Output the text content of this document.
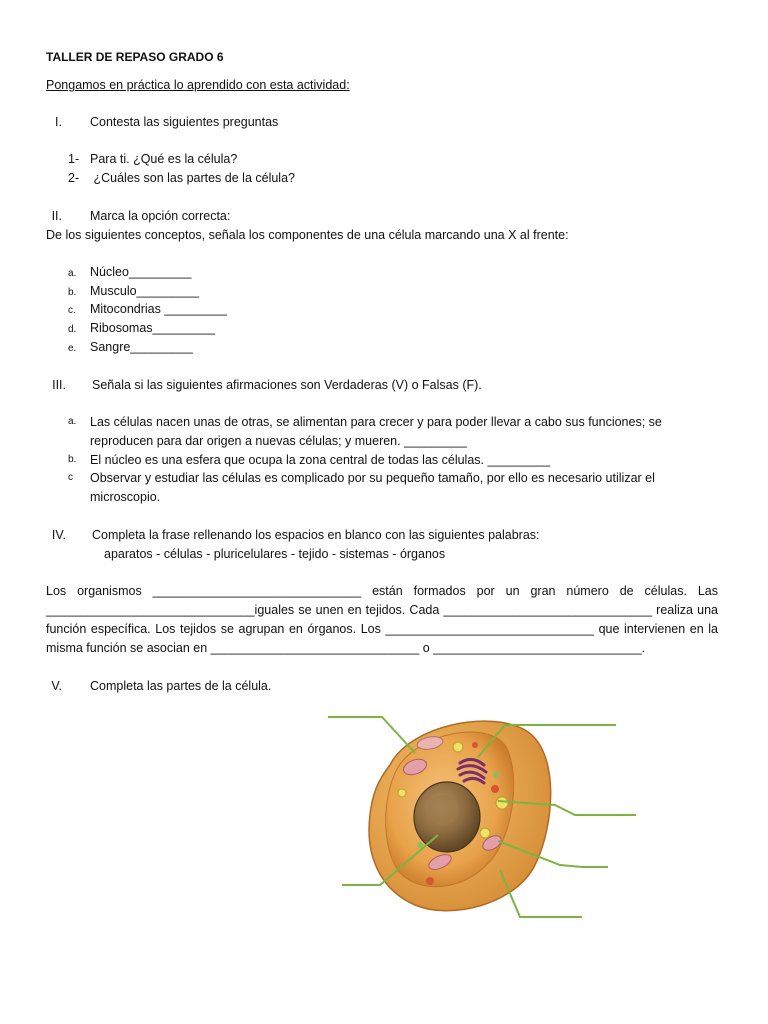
TALLER DE REPASO GRADO 6
Pongamos en práctica lo aprendido con esta actividad:
I. Contesta las siguientes preguntas
1- Para ti. ¿Qué es la célula?
2- ¿Cuáles son las partes de la célula?
II. Marca la opción correcta:
De los siguientes conceptos, señala los componentes de una célula marcando una X al frente:
a. Núcleo_________
b. Musculo_________
c. Mitocondrias _________
d. Ribosomas_________
e. Sangre_________
III. Señala si las siguientes afirmaciones son Verdaderas (V) o Falsas (F).
a.	Las células nacen unas de otras, se alimentan para crecer y para poder llevar a cabo sus funciones; se reproducen para dar origen a nuevas células; y mueren. _________
b.	El núcleo es una esfera que ocupa la zona central de todas las células. _________
c	Observar y estudiar las células es complicado por su pequeño tamaño, por ello es necesario utilizar el microscopio.
IV. Completa la frase rellenando los espacios en blanco con las siguientes palabras:
aparatos - células - pluricelulares - tejido - sistemas - órganos
Los organismos ______________________________ están formados por un gran número de células. Las ______________________________iguales se unen en tejidos. Cada ______________________________ realiza una función específica. Los tejidos se agrupan en órganos. Los ______________________________ que intervienen en la misma función se asocian en ______________________________ o ______________________________.
V. Completa las partes de la célula.
